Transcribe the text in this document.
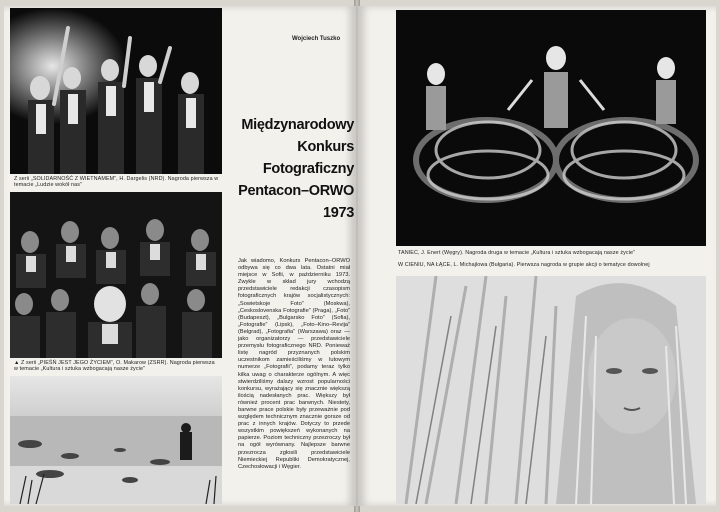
Z serii „SOLIDARNOŚĆ Z WIETNAMEM”, H. Dargelis (NRD). Nagroda pierwsza w temacie „Ludzie wokół nas”
▲ Z serii „PIEŚŃ JEST JEGO ŻYCIEM”, O. Makarow (ZSRR). Nagroda pierwsza w temacie „Kultura i sztuka wzbogacają nasze życie”
Wojciech Tuszko
Międzynarodowy
Konkurs
Fotograficzny
Pentacon–ORWO
1973
Jak wiadomo, Konkurs Pentacon–ORWO odbywa się co dwa lata. Ostatni miał miejsce w Sofii, w październiku 1973. Zwykle w skład jury wchodzą przedstawiciele redakcji czasopism fotograficznych krajów socjalistycznych: „Sowietskoje Foto” (Moskwa), „Ceskoslovenska Fotografie” (Praga), „Foto” (Budapeszt), „Bulgarsko Foto” (Sofia), „Fotografie” (Lipsk), „Foto–Kino–Revija” (Belgrad), „Fotografia” (Warszawa) oraz — jako organizatorzy — przedstawiciele przemysłu fotograficznego NRD. Ponieważ listę nagród przyznanych polskim uczestnikom zamieściliśmy w lutowym numerze „Fotografii”, podamy teraz tylko kilka uwag o charakterze ogólnym. A więc stwierdziliśmy dalszy wzrost popularności konkursu, wyrażający się znacznie większą ilością nadesłanych prac. Większy był również procent prac barwnych. Niestety, barwne prace polskie były przeważnie pod względem technicznym znacznie gorsze od prac z innych krajów. Dotyczy to przede wszystkim powiększeń wykonanych na papierze. Poziom techniczny przezroczy był na ogół wyrównany. Najlepsze barwne przezrocza zgłosili przedstawiciele Niemieckiej Republiki Demokratycznej, Czechosłowacji i Węgier.
TANIEC, J. Enert (Węgry). Nagroda druga w temacie „Kultura i sztuka wzbogacają nasze życie”
W CIENIU, NA ŁĄCE, L. Michajlowa (Bułgaria). Pierwsza nagroda w grupie akcji o tematyce dowolnej
